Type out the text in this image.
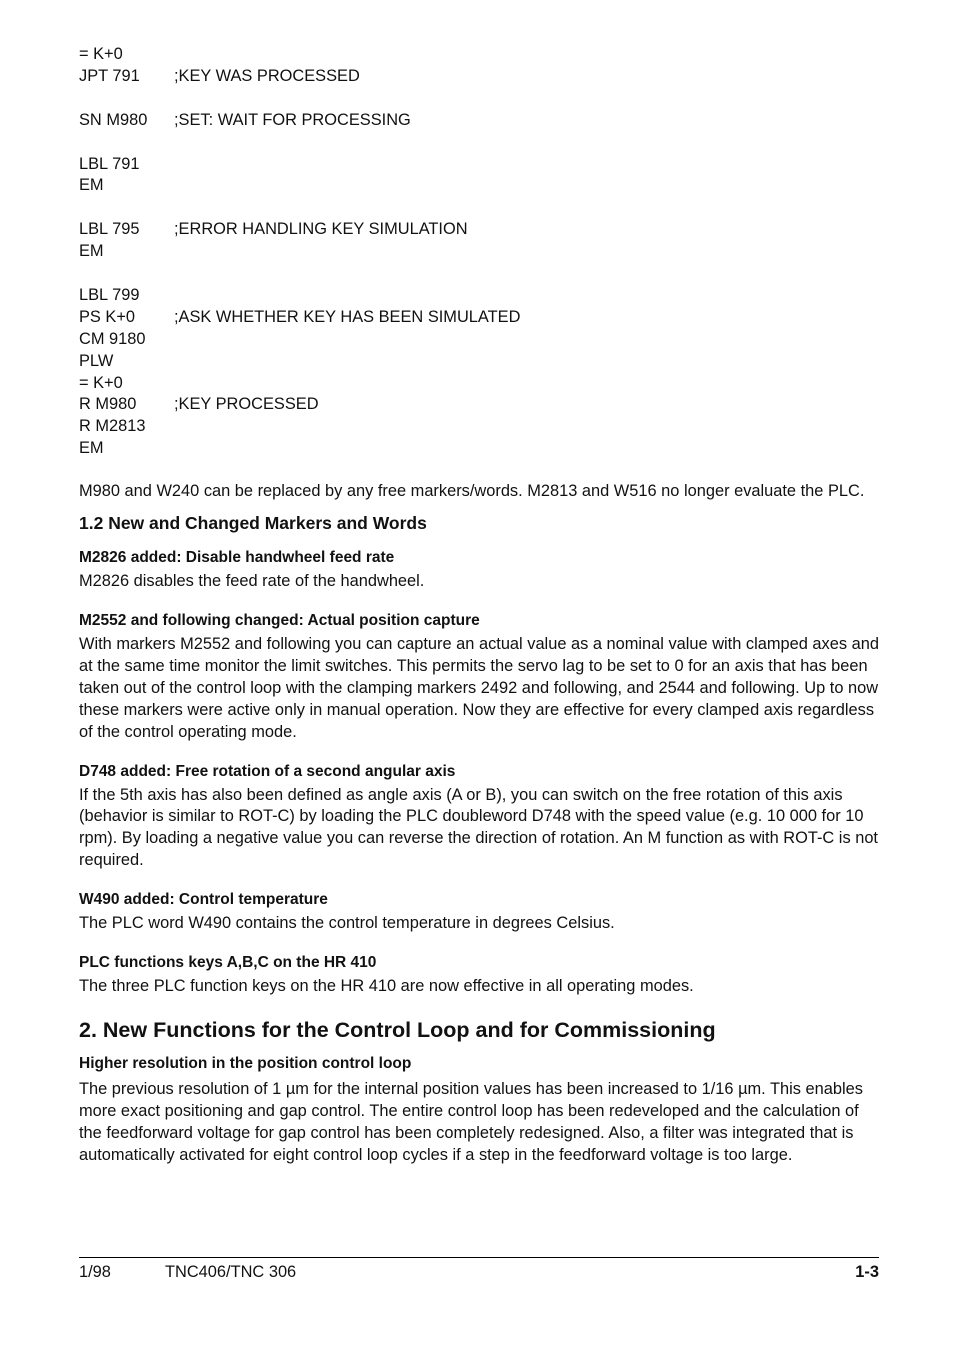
= K+0
JPT 791	;KEY WAS PROCESSED
SN M980	;SET: WAIT FOR PROCESSING
LBL 791
EM
LBL 795	;ERROR HANDLING KEY SIMULATION
EM
LBL 799
PS K+0	;ASK WHETHER KEY HAS BEEN SIMULATED
CM 9180
PLW
= K+0
R M980	;KEY PROCESSED
R M2813
EM

M980 and W240 can be replaced by any free markers/words. M2813 and W516 no longer evaluate the PLC.

1.2 New and Changed Markers and Words
M2826 added: Disable handwheel feed rate

M2826 disables the feed rate of the handwheel.

M2552 and following changed: Actual position capture

With markers M2552 and following you can capture an actual value as a nominal value with clamped axes and at the same time monitor the limit switches. This permits the servo lag to be set to 0 for an axis that has been taken out of the control loop with the clamping markers 2492 and following, and 2544 and following. Up to now these markers were active only in manual operation. Now they are effective for every clamped axis regardless of the control operating mode.

D748 added: Free rotation of a second angular axis

If the 5th axis has also been defined as angle axis (A or B), you can switch on the free rotation of this axis (behavior is similar to ROT-C) by loading the PLC doubleword D748 with the speed value (e.g. 10 000 for 10 rpm). By loading a negative value you can reverse the direction of rotation. An M function as with ROT-C is not required.

W490 added: Control temperature

The PLC word W490 contains the control temperature in degrees Celsius.

PLC functions keys A,B,C on the HR 410

The three PLC function keys on the HR 410 are now effective in all operating modes.

2. New Functions for the Control Loop and for Commissioning
Higher resolution in the position control loop

The previous resolution of 1 µm for the internal position values has been increased to 1/16 µm. This enables more exact positioning and gap control. The entire control loop has been redeveloped and the calculation of the feedforward voltage for gap control has been completely redesigned. Also, a filter was integrated that is automatically activated for eight control loop cycles if a step in the feedforward voltage is too large.

1/98	TNC406/TNC 306	1-3
